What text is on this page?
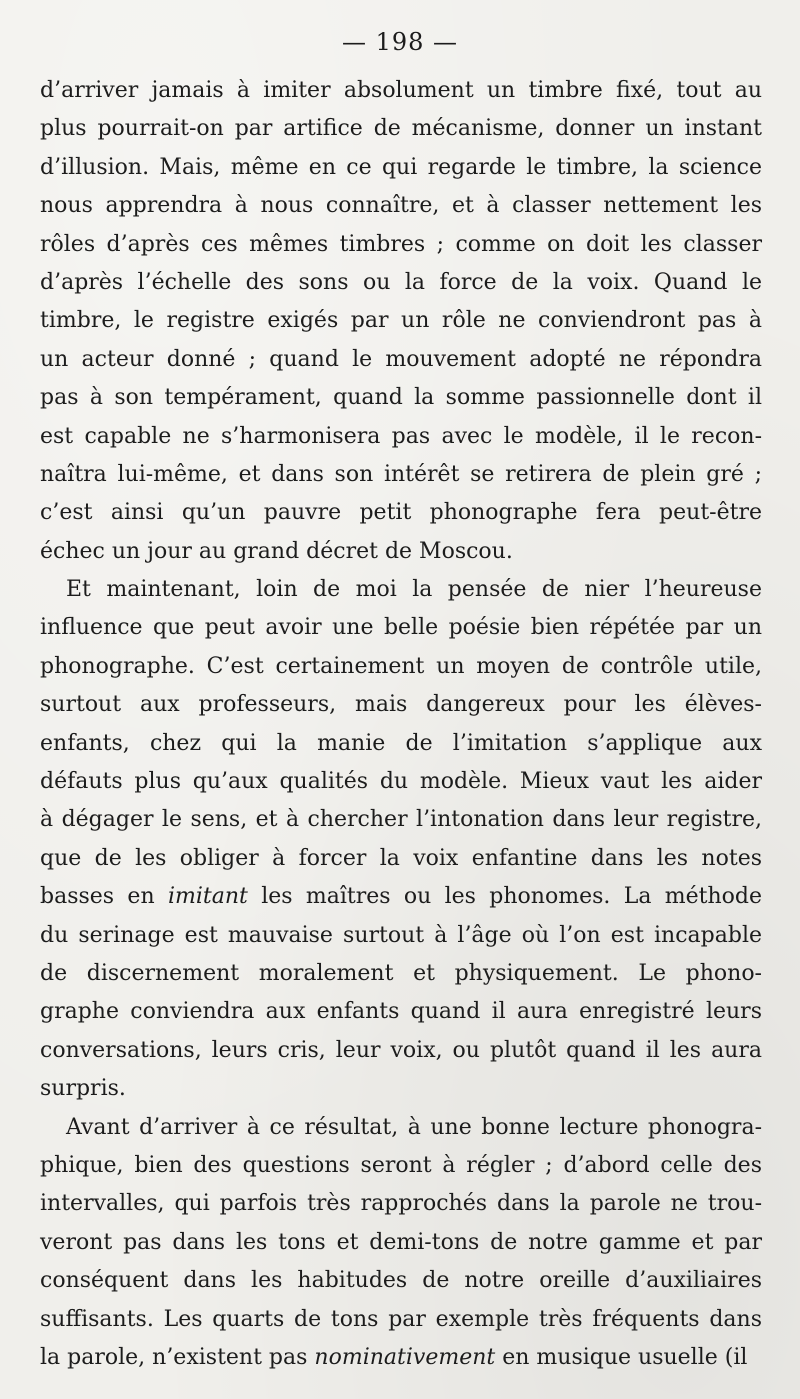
— 198 —
d’arriver jamais à imiter absolument un timbre fixé, tout au
plus pourrait-on par artifice de mécanisme, donner un instant
d’illusion. Mais, même en ce qui regarde le timbre, la science
nous apprendra à nous connaître, et à classer nettement les
rôles d’après ces mêmes timbres ; comme on doit les classer
d’après l’échelle des sons ou la force de la voix. Quand le
timbre, le registre exigés par un rôle ne conviendront pas à
un acteur donné ; quand le mouvement adopté ne répondra
pas à son tempérament, quand la somme passionnelle dont il
est capable ne s’harmonisera pas avec le modèle, il le recon-
naîtra lui-même, et dans son intérêt se retirera de plein gré ;
c’est ainsi qu’un pauvre petit phonographe fera peut-être
échec un jour au grand décret de Moscou.
Et maintenant, loin de moi la pensée de nier l’heureuse
influence que peut avoir une belle poésie bien répétée par un
phonographe. C’est certainement un moyen de contrôle utile,
surtout aux professeurs, mais dangereux pour les élèves-
enfants, chez qui la manie de l’imitation s’applique aux
défauts plus qu’aux qualités du modèle. Mieux vaut les aider
à dégager le sens, et à chercher l’intonation dans leur registre,
que de les obliger à forcer la voix enfantine dans les notes
basses en imitant les maîtres ou les phonomes. La méthode
du serinage est mauvaise surtout à l’âge où l’on est incapable
de discernement moralement et physiquement. Le phono-
graphe conviendra aux enfants quand il aura enregistré leurs
conversations, leurs cris, leur voix, ou plutôt quand il les aura
surpris.
Avant d’arriver à ce résultat, à une bonne lecture phonogra-
phique, bien des questions seront à régler ; d’abord celle des
intervalles, qui parfois très rapprochés dans la parole ne trou-
veront pas dans les tons et demi-tons de notre gamme et par
conséquent dans les habitudes de notre oreille d’auxiliaires
suffisants. Les quarts de tons par exemple très fréquents dans
la parole, n’existent pas nominativement en musique usuelle (il
